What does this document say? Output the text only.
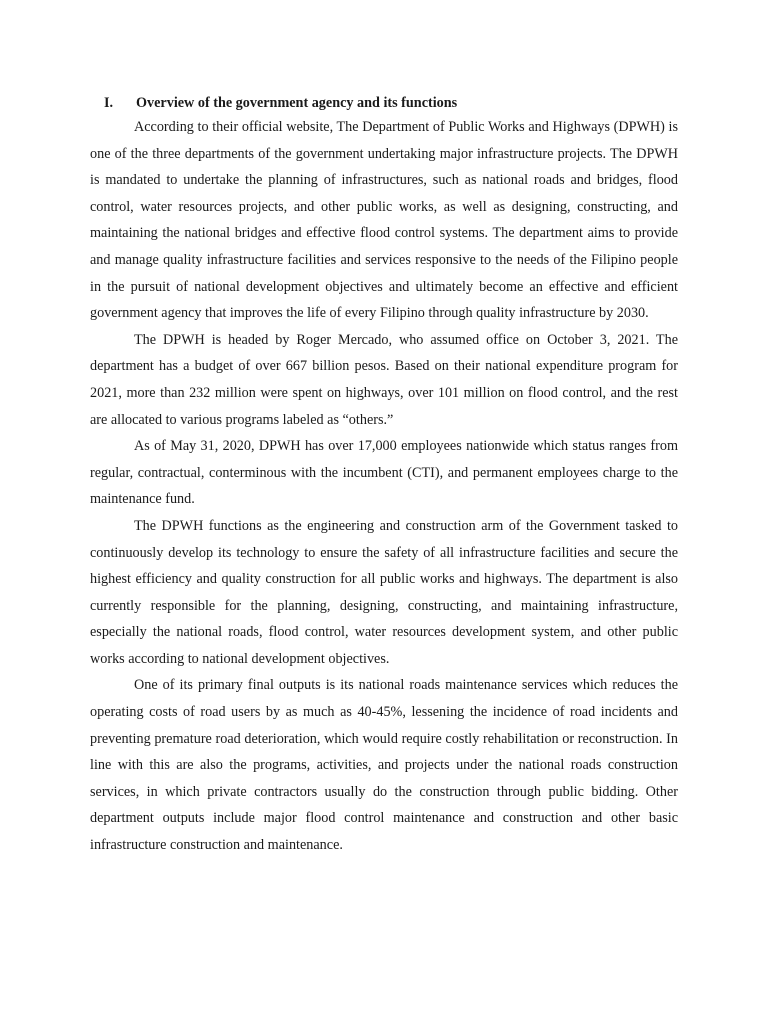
I.	Overview of the government agency and its functions

According to their official website, The Department of Public Works and Highways (DPWH) is one of the three departments of the government undertaking major infrastructure projects. The DPWH is mandated to undertake the planning of infrastructures, such as national roads and bridges, flood control, water resources projects, and other public works, as well as designing, constructing, and maintaining the national bridges and effective flood control systems. The department aims to provide and manage quality infrastructure facilities and services responsive to the needs of the Filipino people in the pursuit of national development objectives and ultimately become an effective and efficient government agency that improves the life of every Filipino through quality infrastructure by 2030.

The DPWH is headed by Roger Mercado, who assumed office on October 3, 2021. The department has a budget of over 667 billion pesos. Based on their national expenditure program for 2021, more than 232 million were spent on highways, over 101 million on flood control, and the rest are allocated to various programs labeled as “others.”

As of May 31, 2020, DPWH has over 17,000 employees nationwide which status ranges from regular, contractual, conterminous with the incumbent (CTI), and permanent employees charge to the maintenance fund.

The DPWH functions as the engineering and construction arm of the Government tasked to continuously develop its technology to ensure the safety of all infrastructure facilities and secure the highest efficiency and quality construction for all public works and highways. The department is also currently responsible for the planning, designing, constructing, and maintaining infrastructure, especially the national roads, flood control, water resources development system, and other public works according to national development objectives.

One of its primary final outputs is its national roads maintenance services which reduces the operating costs of road users by as much as 40-45%, lessening the incidence of road incidents and preventing premature road deterioration, which would require costly rehabilitation or reconstruction. In line with this are also the programs, activities, and projects under the national roads construction services, in which private contractors usually do the construction through public bidding. Other department outputs include major flood control maintenance and construction and other basic infrastructure construction and maintenance.
